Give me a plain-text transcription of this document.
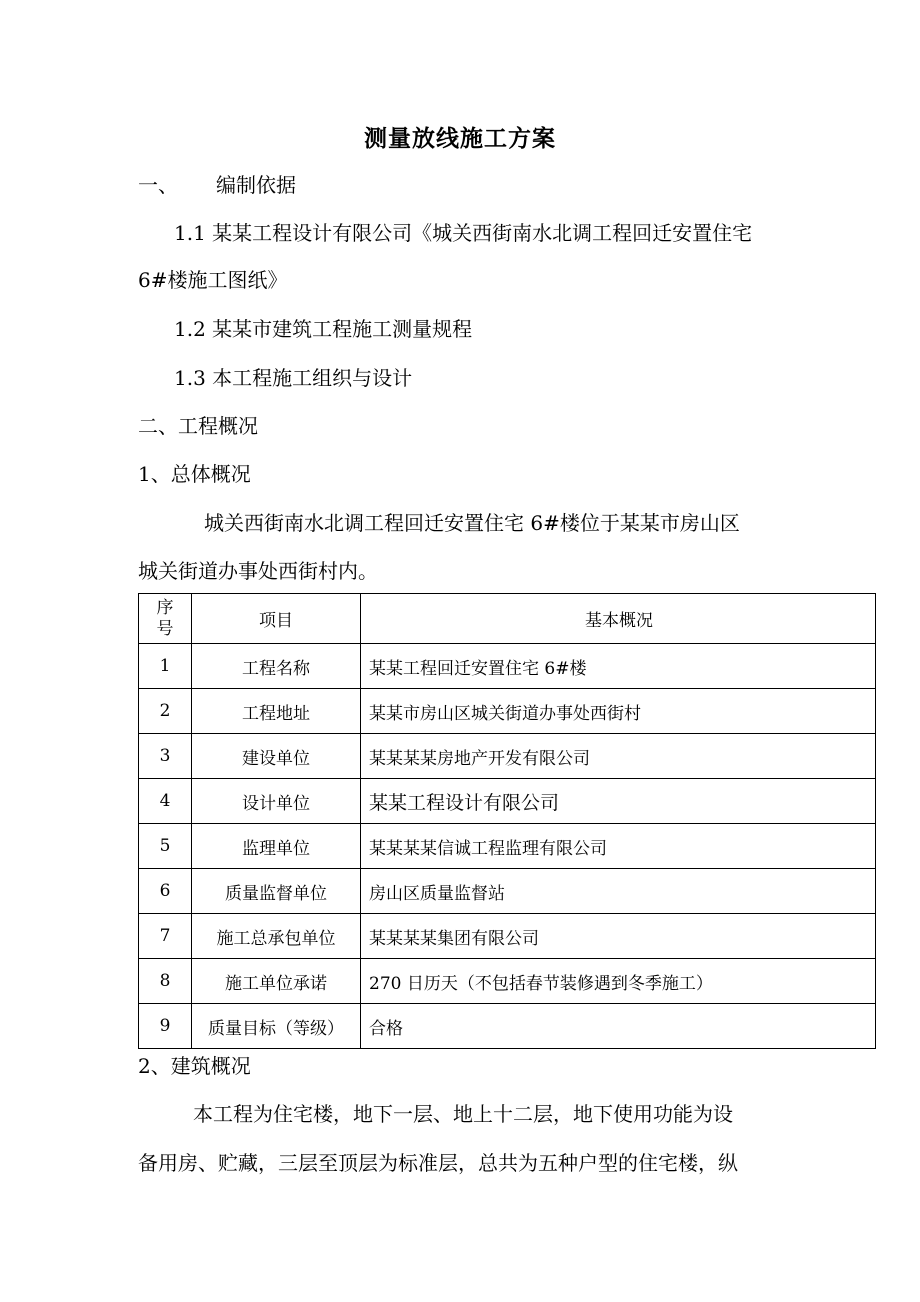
测量放线施工方案
一、 编制依据
1.1 某某工程设计有限公司《城关西街南水北调工程回迁安置住宅
6#楼施工图纸》
1.2 某某市建筑工程施工测量规程
1.3 本工程施工组织与设计
二、工程概况
1、总体概况
城关西街南水北调工程回迁安置住宅 6#楼位于某某市房山区
城关街道办事处西街村内。
序号	项目	基本概况
1	工程名称	某某工程回迁安置住宅 6#楼
2	工程地址	某某市房山区城关街道办事处西街村
3	建设单位	某某某某房地产开发有限公司
4	设计单位	某某工程设计有限公司
5	监理单位	某某某某信诚工程监理有限公司
6	质量监督单位	房山区质量监督站
7	施工总承包单位	某某某某集团有限公司
8	施工单位承诺	270 日历天（不包括春节装修遇到冬季施工）
9	质量目标（等级）	合格
2、建筑概况
本工程为住宅楼，地下一层、地上十二层，地下使用功能为设
备用房、贮藏，三层至顶层为标准层，总共为五种户型的住宅楼，纵
